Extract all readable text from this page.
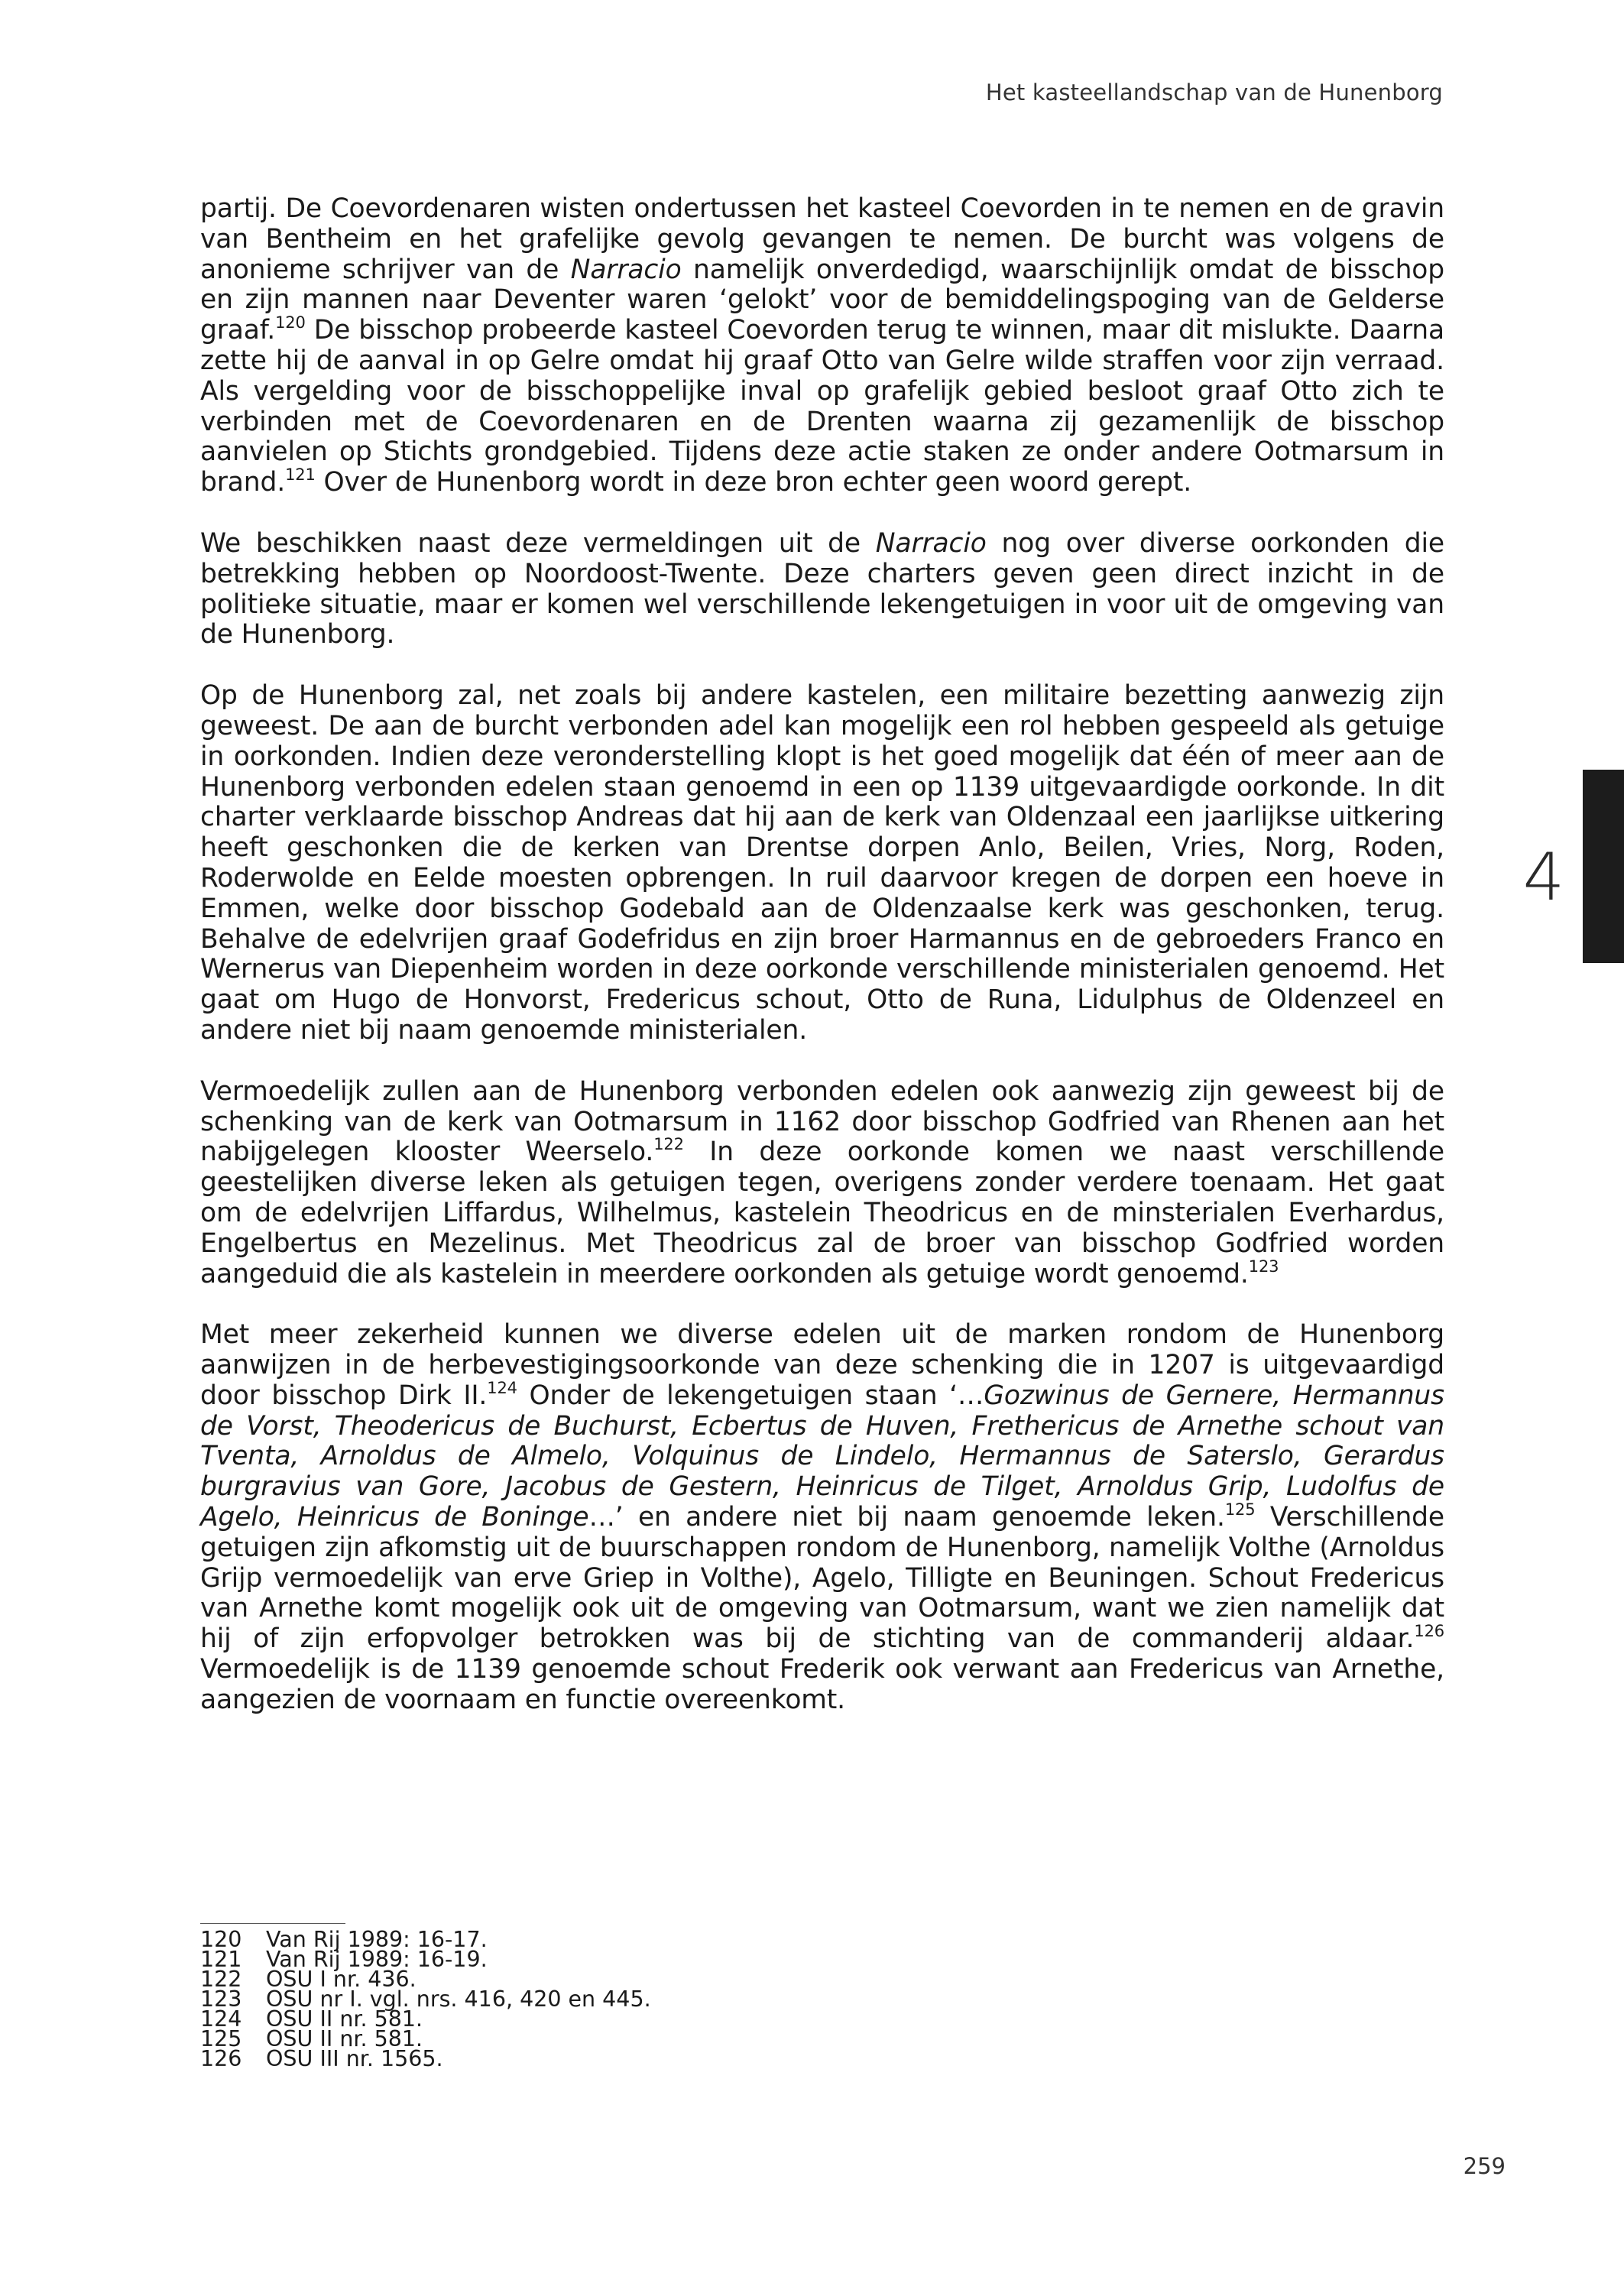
Het kasteellandschap van de Hunenborg
4

partij. De Coevordenaren wisten ondertussen het kasteel Coevorden in te nemen en de gravin van Bentheim en het grafelijke gevolg gevangen te nemen. De burcht was volgens de anonieme schrijver van de Narracio namelijk onverdedigd, waarschijnlijk omdat de bisschop en zijn mannen naar Deventer waren ‘gelokt’ voor de bemiddelingspoging van de Gelderse graaf.$^{120}$ De bisschop probeerde kasteel Coevorden terug te winnen, maar dit mislukte. Daarna zette hij de aanval in op Gelre omdat hij graaf Otto van Gelre wilde straffen voor zijn verraad. Als vergelding voor de bisschoppelijke inval op grafelijk gebied besloot graaf Otto zich te verbinden met de Coevordenaren en de Drenten waarna zij gezamenlijk de bisschop aanvielen op Stichts grondgebied. Tijdens deze actie staken ze onder andere Ootmarsum in brand.$^{121}$ Over de Hunenborg wordt in deze bron echter geen woord gerept.

We beschikken naast deze vermeldingen uit de Narracio nog over diverse oorkonden die betrekking hebben op Noordoost-Twente. Deze charters geven geen direct inzicht in de politieke situatie, maar er komen wel verschillende lekengetuigen in voor uit de omgeving van de Hunenborg.

Op de Hunenborg zal, net zoals bij andere kastelen, een militaire bezetting aanwezig zijn geweest. De aan de burcht verbonden adel kan mogelijk een rol hebben gespeeld als getuige in oorkonden. Indien deze veronderstelling klopt is het goed mogelijk dat één of meer aan de Hunenborg verbonden edelen staan genoemd in een op 1139 uitgevaardigde oorkonde. In dit charter verklaarde bisschop Andreas dat hij aan de kerk van Oldenzaal een jaarlijkse uitkering heeft geschonken die de kerken van Drentse dorpen Anlo, Beilen, Vries, Norg, Roden, Roderwolde en Eelde moesten opbrengen. In ruil daarvoor kregen de dorpen een hoeve in Emmen, welke door bisschop Godebald aan de Oldenzaalse kerk was geschonken, terug. Behalve de edelvrijen graaf Godefridus en zijn broer Harmannus en de gebroeders Franco en Wernerus van Diepenheim worden in deze oorkonde verschillende ministerialen genoemd. Het gaat om Hugo de Honvorst, Fredericus schout, Otto de Runa, Lidulphus de Oldenzeel en andere niet bij naam genoemde ministerialen.

Vermoedelijk zullen aan de Hunenborg verbonden edelen ook aanwezig zijn geweest bij de schenking van de kerk van Ootmarsum in 1162 door bisschop Godfried van Rhenen aan het nabijgelegen klooster Weerselo.$^{122}$ In deze oorkonde komen we naast verschillende geestelijken diverse leken als getuigen tegen, overigens zonder verdere toenaam. Het gaat om de edelvrijen Liffardus, Wilhelmus, kastelein Theodricus en de minsterialen Everhardus, Engelbertus en Mezelinus. Met Theodricus zal de broer van bisschop Godfried worden aangeduid die als kastelein in meerdere oorkonden als getuige wordt genoemd.$^{123}$

Met meer zekerheid kunnen we diverse edelen uit de marken rondom de Hunenborg aanwijzen in de herbevestigingsoorkonde van deze schenking die in 1207 is uitgevaardigd door bisschop Dirk II.$^{124}$ Onder de lekengetuigen staan ‘…Gozwinus de Gernere, Hermannus de Vorst, Theodericus de Buchurst, Ecbertus de Huven, Frethericus de Arnethe schout van Tventa, Arnoldus de Almelo, Volquinus de Lindelo, Hermannus de Saterslo, Gerardus burgravius van Gore, Jacobus de Gestern, Heinricus de Tilget, Arnoldus Grip, Ludolfus de Agelo, Heinricus de Boninge…’ en andere niet bij naam genoemde leken.$^{125}$ Verschillende getuigen zijn afkomstig uit de buurschappen rondom de Hunenborg, namelijk Volthe (Arnoldus Grijp vermoedelijk van erve Griep in Volthe), Agelo, Tilligte en Beuningen. Schout Fredericus van Arnethe komt mogelijk ook uit de omgeving van Ootmarsum, want we zien namelijk dat hij of zijn erfopvolger betrokken was bij de stichting van de commanderij aldaar.$^{126}$ Vermoedelijk is de 1139 genoemde schout Frederik ook verwant aan Fredericus van Arnethe, aangezien de voornaam en functie overeenkomt.

120	Van Rij 1989: 16-17.
121	Van Rij 1989: 16-19.
122	OSU I nr. 436.
123	OSU nr I. vgl. nrs. 416, 420 en 445.
124	OSU II nr. 581.
125	OSU II nr. 581.
126	OSU III nr. 1565.
259
